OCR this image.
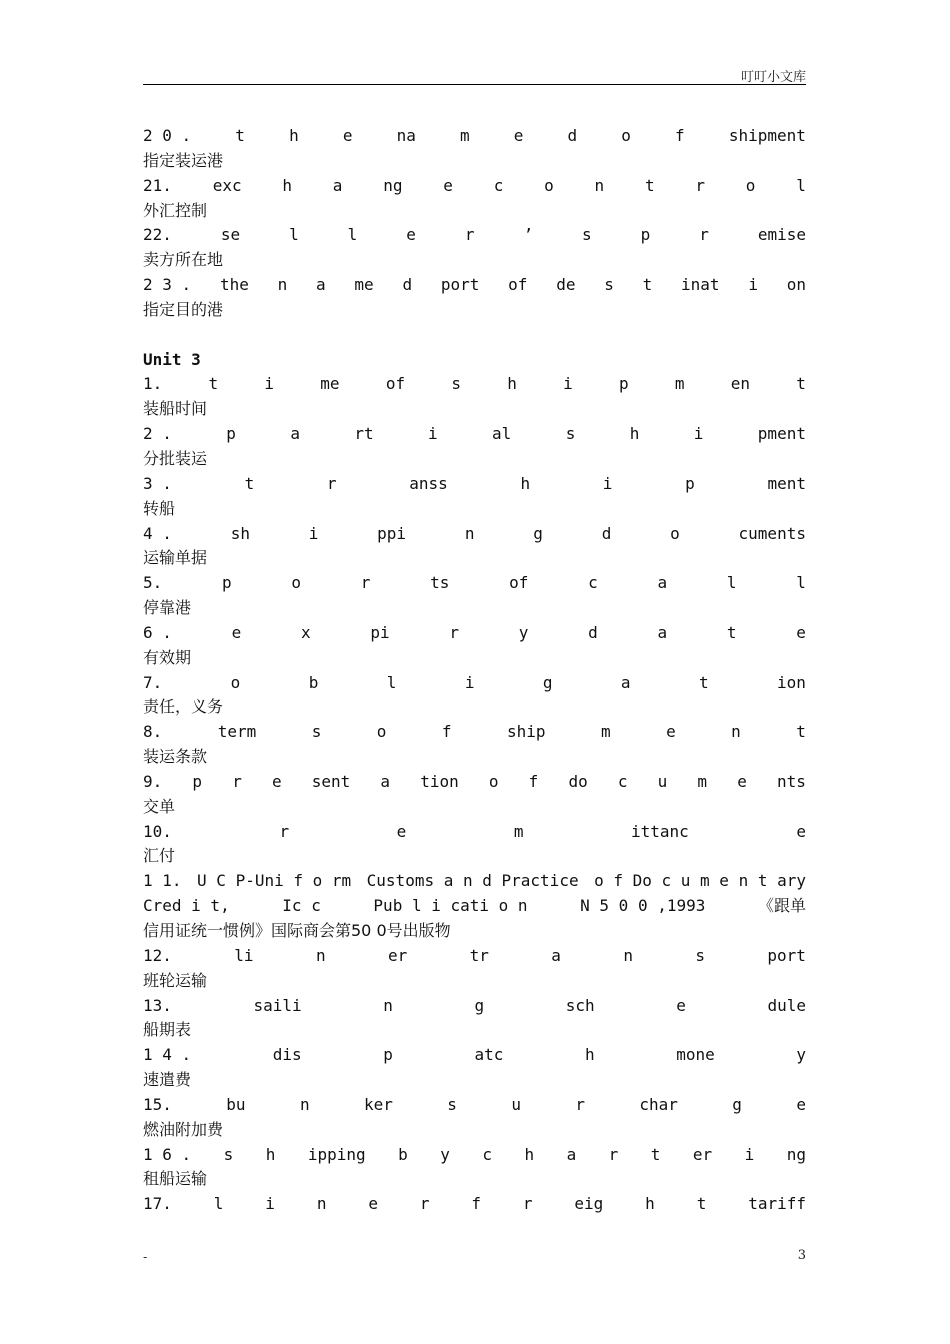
叮叮小文库
2 0 .	t	h	e	na	m	e	d	o	f	shipment
指定装运港
21.	exc	h	a	ng	e	c	o	n	t	r	o	l
外汇控制
22.	se	l	l	e	r	’	s	p	r	emise
卖方所在地
2 3 . the n a me d port of de s t inat i on
指定目的港
Unit 3
1.	t	i	me	of	s	h	i	p	m	en	t
装船时间
2 .	p	a	rt	i	al	s	h	i	pment
分批装运
3 .	t	r	anss	h	i	p	ment
转船
4 .	sh	i	ppi	n	g	d	o	cuments
运输单据
5.	p	o	r	ts	of	c	a	l	l
停靠港
6 .	e	x	pi	r	y	d	a	t	e
有效期
7.	o	b	l	i	g	a	t	ion
责任，义务
8.	term	s	o	f	ship	m	e	n	t
装运条款
9. p r e sent a tion o f do c u m e nts
交单
10.	r	e	m	ittanc	e
汇付
1 1. U C P-Uni f o rm Customs a n d Practice o f Do c u m e n t ary
Cred i t,	Ic c	Pub l i cati o n	N 5 0 0 ,1993	《跟单
信用证统一惯例》国际商会第50 0号出版物
12.	li	n	er	tr	a	n	s	port
班轮运输
13.	saili	n	g	sch	e	dule
船期表
1 4 .	dis	p	atc	h	mone	y
速遣费
15.	bu	n	ker	s	u	r	char	g	e
燃油附加费
1 6 . s h ipping b y c h a r t er i ng
租船运输
17.	l	i	n	e	r	f	r	eig	h	t	tariff
-	3
